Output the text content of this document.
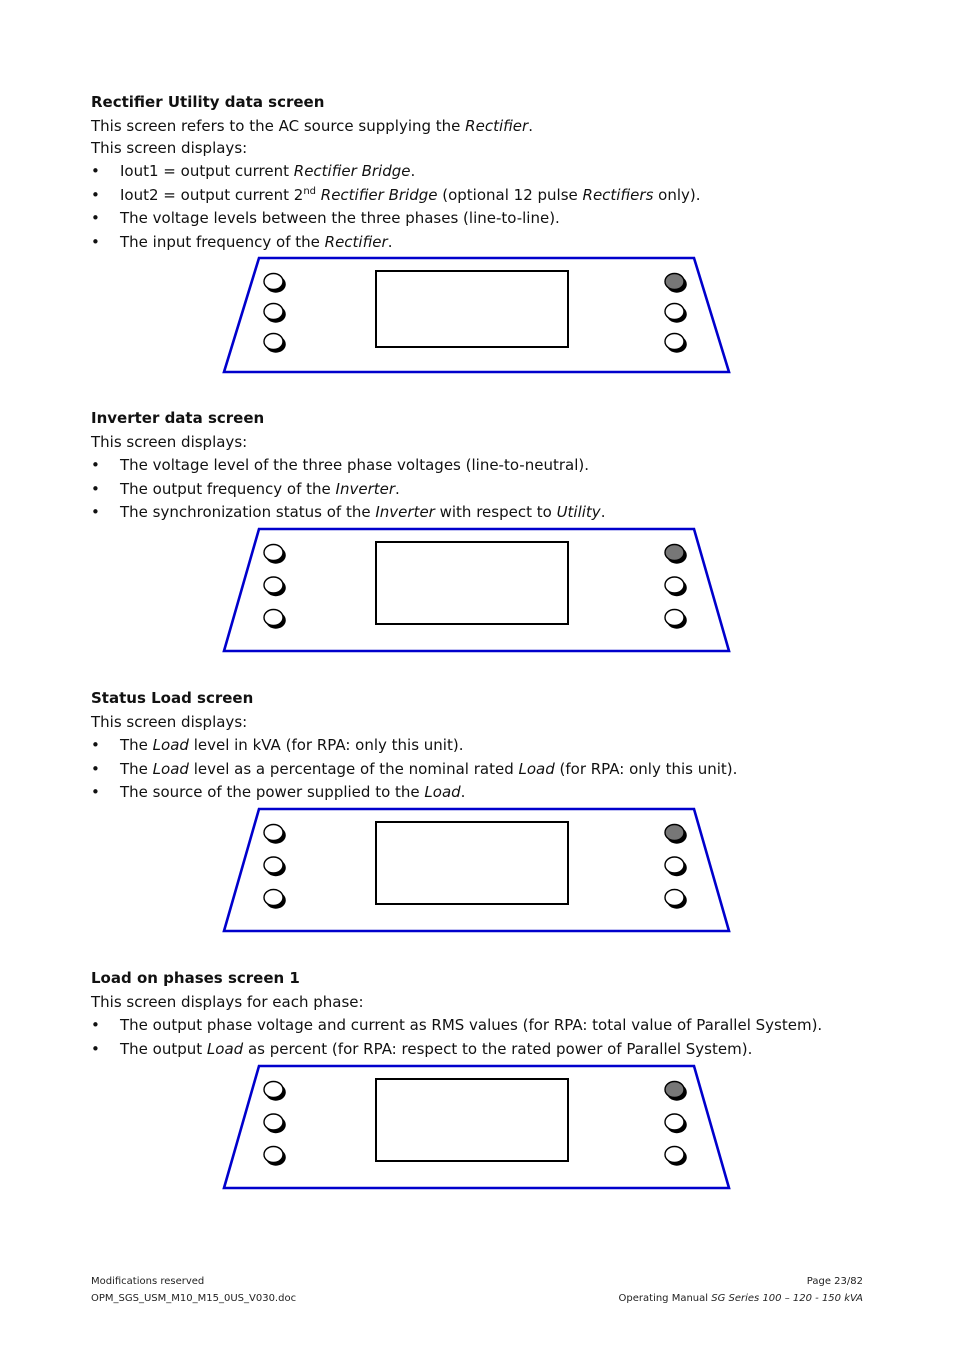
Rectifier Utility data screen

This screen refers to the AC source supplying the Rectifier.

This screen displays:

• Iout1 = output current Rectifier Bridge.
• Iout2 = output current 2nd Rectifier Bridge (optional 12 pulse Rectifiers only).
• The voltage levels between the three phases (line-to-line).
• The input frequency of the Rectifier.
Inverter data screen

This screen displays:

• The voltage level of the three phase voltages (line-to-neutral).
• The output frequency of the Inverter.
• The synchronization status of the Inverter with respect to Utility.
Status Load screen

This screen displays:

• The Load level in kVA (for RPA: only this unit).
• The Load level as a percentage of the nominal rated Load (for RPA: only this unit).
• The source of the power supplied to the Load.
Load on phases screen 1

This screen displays for each phase:

• The output phase voltage and current as RMS values (for RPA: total value of Parallel System).
• The output Load as percent (for RPA: respect to the rated power of Parallel System).
Modifications reserved
OPM_SGS_USM_M10_M15_0US_V030.doc
Page 23/82
Operating Manual SG Series 100 – 120 - 150 kVA
